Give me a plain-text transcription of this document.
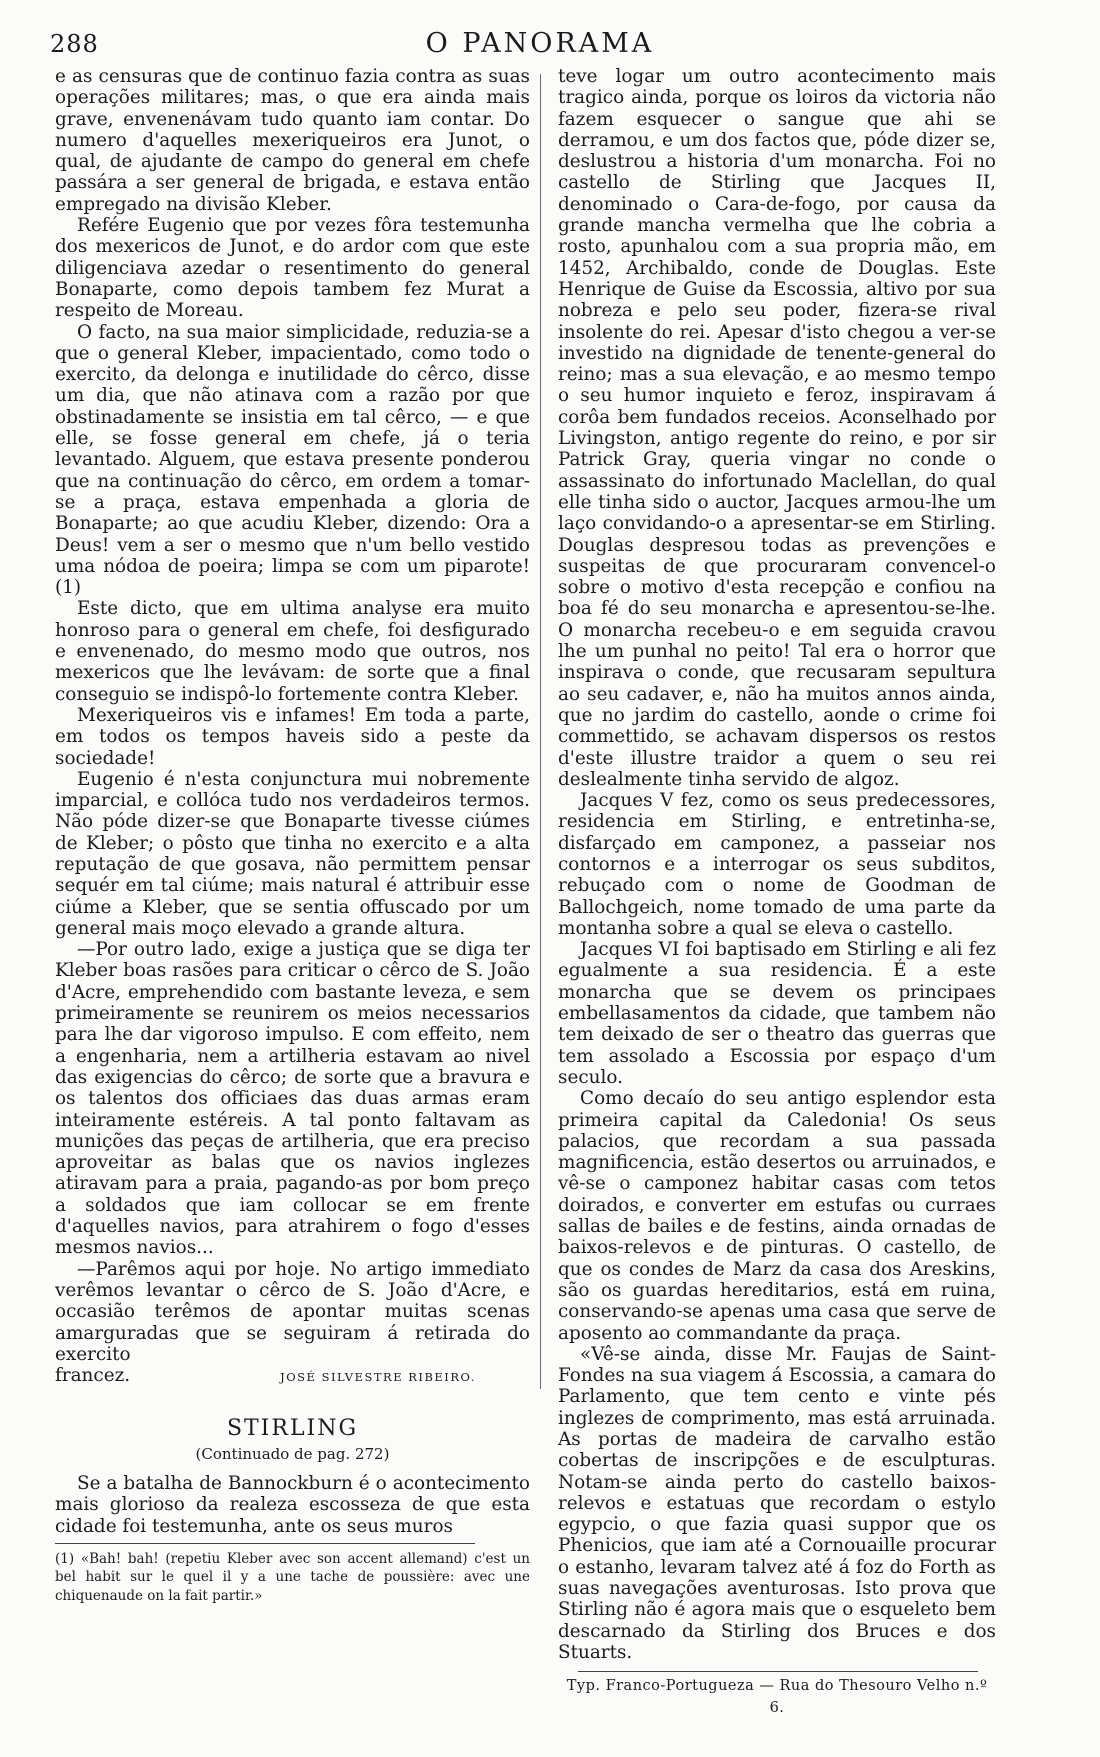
288	O PANORAMA

e as censuras que de continuo fazia contra as suas operações militares; mas, o que era ainda mais grave, envenenávam tudo quanto iam contar. Do numero d'aquelles mexeriqueiros era Junot, o qual, de ajudante de campo do general em chefe passára a ser general de brigada, e estava então empregado na divisão Kleber.

Refére Eugenio que por vezes fôra testemunha dos mexericos de Junot, e do ardor com que este diligenciava azedar o resentimento do general Bonaparte, como depois tambem fez Murat a respeito de Moreau.

O facto, na sua maior simplicidade, reduzia-se a que o general Kleber, impacientado, como todo o exercito, da delonga e inutilidade do cêrco, disse um dia, que não atinava com a razão por que obstinadamente se insistia em tal cêrco, — e que elle, se fosse general em chefe, já o teria levantado. Alguem, que estava presente ponderou que na continuação do cêrco, em ordem a tomar-se a praça, estava empenhada a gloria de Bonaparte; ao que acudiu Kleber, dizendo: Ora a Deus! vem a ser o mesmo que n'um bello vestido uma nódoa de poeira; limpa se com um piparote! (1)

Este dicto, que em ultima analyse era muito honroso para o general em chefe, foi desfigurado e envenenado, do mesmo modo que outros, nos mexericos que lhe levávam: de sorte que a final conseguio se indispô-lo fortemente contra Kleber.

Mexeriqueiros vis e infames! Em toda a parte, em todos os tempos haveis sido a peste da sociedade!

Eugenio é n'esta conjunctura mui nobremente imparcial, e collóca tudo nos verdadeiros termos. Não póde dizer-se que Bonaparte tivesse ciúmes de Kleber; o pôsto que tinha no exercito e a alta reputação de que gosava, não permittem pensar sequér em tal ciúme; mais natural é attribuir esse ciúme a Kleber, que se sentia offuscado por um general mais moço elevado a grande altura.

—Por outro lado, exige a justiça que se diga ter Kleber boas rasões para criticar o cêrco de S. João d'Acre, emprehendido com bastante leveza, e sem primeiramente se reunirem os meios necessarios para lhe dar vigoroso impulso. E com effeito, nem a engenharia, nem a artilheria estavam ao nivel das exigencias do cêrco; de sorte que a bravura e os talentos dos officiaes das duas armas eram inteiramente estéreis. A tal ponto faltavam as munições das peças de artilheria, que era preciso aproveitar as balas que os navios inglezes atiravam para a praia, pagando-as por bom preço a soldados que iam collocar se em frente d'aquelles navios, para atrahirem o fogo d'esses mesmos navios...

—Parêmos aqui por hoje. No artigo immediato verêmos levantar o cêrco de S. João d'Acre, e occasião terêmos de apontar muitas scenas amarguradas que se seguiram á retirada do exercito

francez.	JOSÉ SILVESTRE RIBEIRO.

STIRLING

(Continuado de pag. 272)

Se a batalha de Bannockburn é o acontecimento mais glorioso da realeza escosseza de que esta cidade foi testemunha, ante os seus muros

(1) «Bah! bah! (repetiu Kleber avec son accent allemand) c'est un bel habit sur le quel il y a une tache de poussière: avec une chiquenaude on la fait partir.»

teve logar um outro acontecimento mais tragico ainda, porque os loiros da victoria não fazem esquecer o sangue que ahi se derramou, e um dos factos que, póde dizer se, deslustrou a historia d'um monarcha. Foi no castello de Stirling que Jacques II, denominado o Cara-de-fogo, por causa da grande mancha vermelha que lhe cobria a rosto, apunhalou com a sua propria mão, em 1452, Archibaldo, conde de Douglas. Este Henrique de Guise da Escossia, altivo por sua nobreza e pelo seu poder, fizera-se rival insolente do rei. Apesar d'isto chegou a ver-se investido na dignidade de tenente-general do reino; mas a sua elevação, e ao mesmo tempo o seu humor inquieto e feroz, inspiravam á corôa bem fundados receios. Aconselhado por Livingston, antigo regente do reino, e por sir Patrick Gray, queria vingar no conde o assassinato do infortunado Maclellan, do qual elle tinha sido o auctor, Jacques armou-lhe um laço convidando-o a apresentar-se em Stirling. Douglas despresou todas as prevenções e suspeitas de que procuraram convencel-o sobre o motivo d'esta recepção e confiou na boa fé do seu monarcha e apresentou-se-lhe. O monarcha recebeu-o e em seguida cravou lhe um punhal no peito! Tal era o horror que inspirava o conde, que recusaram sepultura ao seu cadaver, e, não ha muitos annos ainda, que no jardim do castello, aonde o crime foi commettido, se achavam dispersos os restos d'este illustre traidor a quem o seu rei deslealmente tinha servido de algoz.

Jacques V fez, como os seus predecessores, residencia em Stirling, e entretinha-se, disfarçado em camponez, a passeiar nos contornos e a interrogar os seus subditos, rebuçado com o nome de Goodman de Ballochgeich, nome tomado de uma parte da montanha sobre a qual se eleva o castello.

Jacques VI foi baptisado em Stirling e ali fez egualmente a sua residencia. É a este monarcha que se devem os principaes embellasamentos da cidade, que tambem não tem deixado de ser o theatro das guerras que tem assolado a Escossia por espaço d'um seculo.

Como decaío do seu antigo esplendor esta primeira capital da Caledonia! Os seus palacios, que recordam a sua passada magnificencia, estão desertos ou arruinados, e vê-se o camponez habitar casas com tetos doirados, e converter em estufas ou curraes sallas de bailes e de festins, ainda ornadas de baixos-relevos e de pinturas. O castello, de que os condes de Marz da casa dos Areskins, são os guardas hereditarios, está em ruina, conservando-se apenas uma casa que serve de aposento ao commandante da praça.

«Vê-se ainda, disse Mr. Faujas de Saint-Fondes na sua viagem á Escossia, a camara do Parlamento, que tem cento e vinte pés inglezes de comprimento, mas está arruinada. As portas de madeira de carvalho estão cobertas de inscripções e de esculpturas. Notam-se ainda perto do castello baixos-relevos e estatuas que recordam o estylo egypcio, o que fazia quasi suppor que os Phenicios, que iam até a Cornouaille procurar o estanho, levaram talvez até á foz do Forth as suas navegações aventurosas. Isto prova que Stirling não é agora mais que o esqueleto bem descarnado da Stirling dos Bruces e dos Stuarts.

Typ. Franco-Portugueza — Rua do Thesouro Velho n.º 6.
